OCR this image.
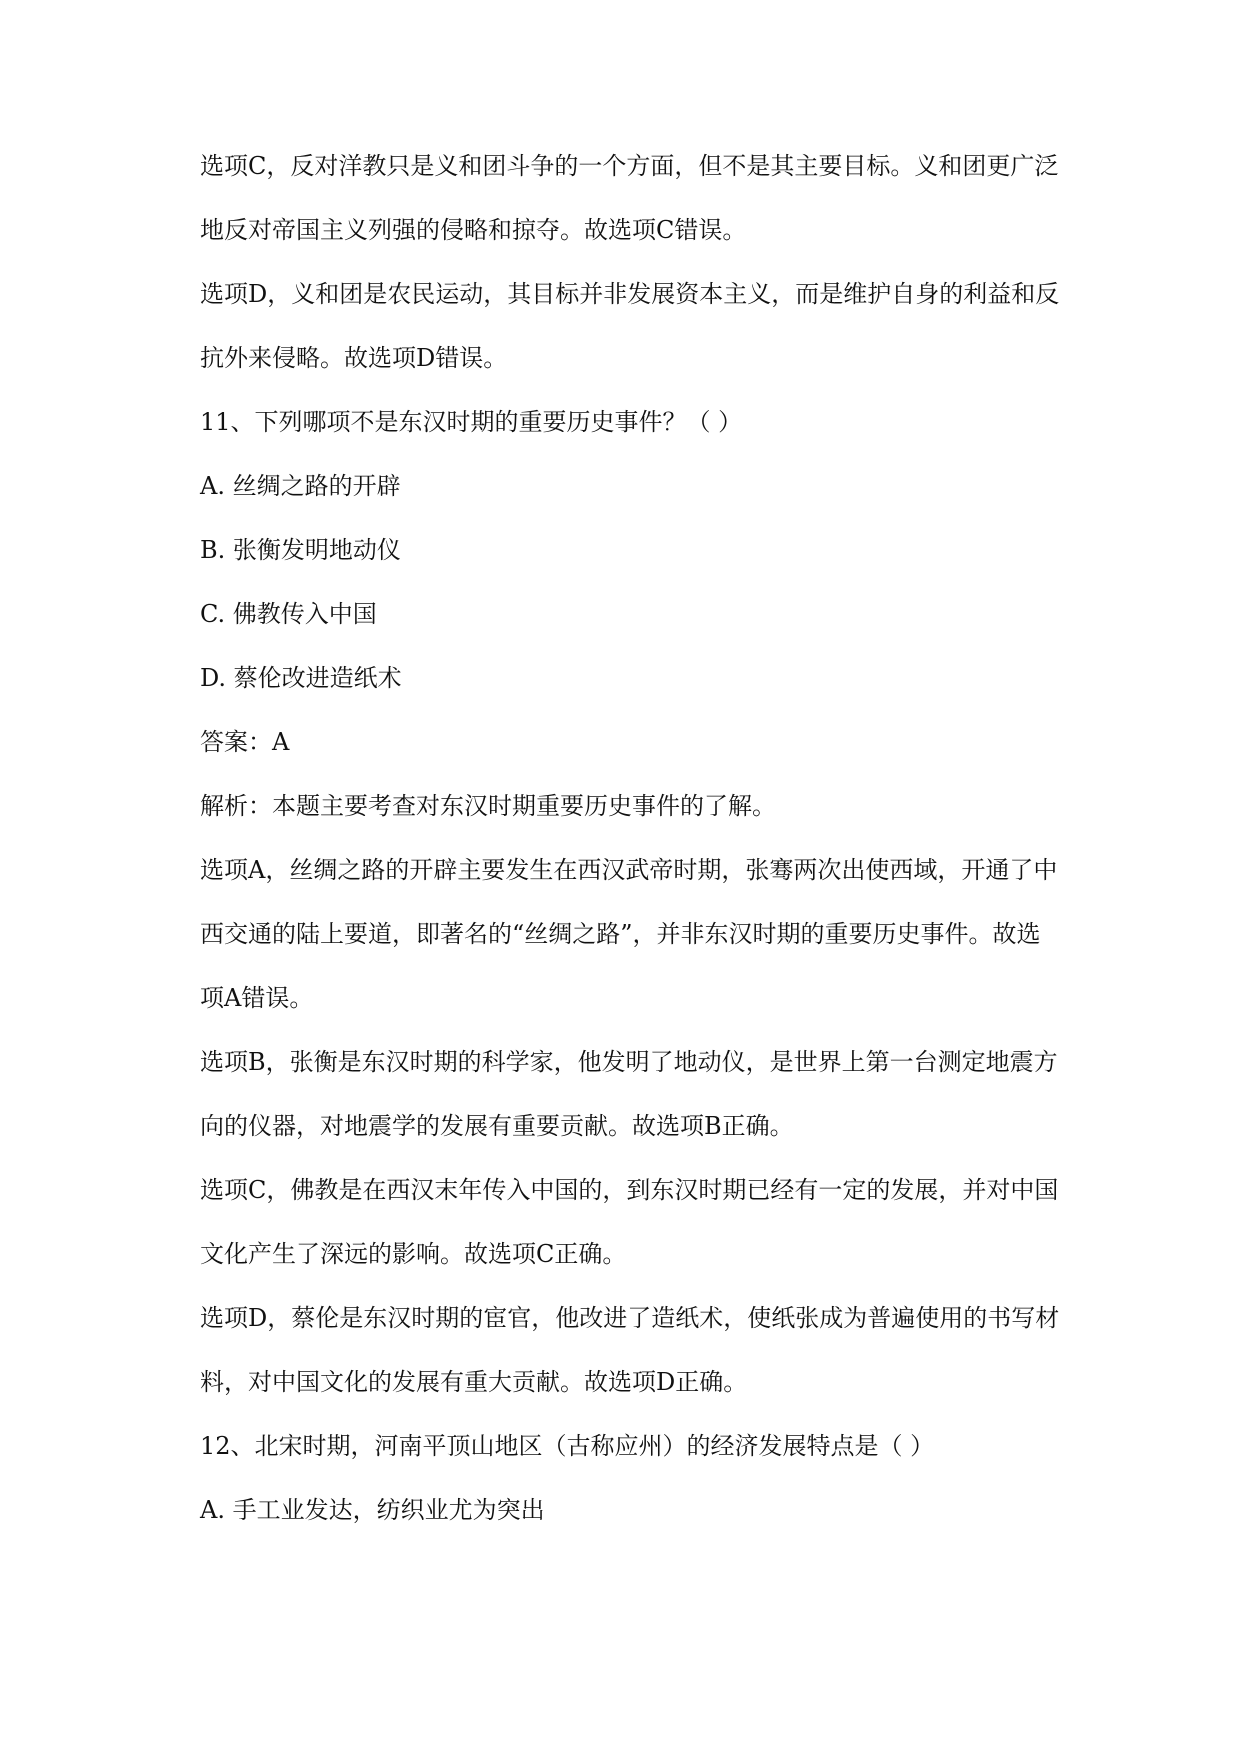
选项C，反对洋教只是义和团斗争的一个方面，但不是其主要目标。义和团更广泛
地反对帝国主义列强的侵略和掠夺。故选项C错误。
选项D，义和团是农民运动，其目标并非发展资本主义，而是维护自身的利益和反
抗外来侵略。故选项D错误。
11、下列哪项不是东汉时期的重要历史事件？（ ）
A. 丝绸之路的开辟
B. 张衡发明地动仪
C. 佛教传入中国
D. 蔡伦改进造纸术
答案：A
解析：本题主要考查对东汉时期重要历史事件的了解。
选项A，丝绸之路的开辟主要发生在西汉武帝时期，张骞两次出使西域，开通了中
西交通的陆上要道，即著名的“丝绸之路”，并非东汉时期的重要历史事件。故选
项A错误。
选项B，张衡是东汉时期的科学家，他发明了地动仪，是世界上第一台测定地震方
向的仪器，对地震学的发展有重要贡献。故选项B正确。
选项C，佛教是在西汉末年传入中国的，到东汉时期已经有一定的发展，并对中国
文化产生了深远的影响。故选项C正确。
选项D，蔡伦是东汉时期的宦官，他改进了造纸术，使纸张成为普遍使用的书写材
料，对中国文化的发展有重大贡献。故选项D正确。
12、北宋时期，河南平顶山地区（古称应州）的经济发展特点是（ ）
A. 手工业发达，纺织业尤为突出
